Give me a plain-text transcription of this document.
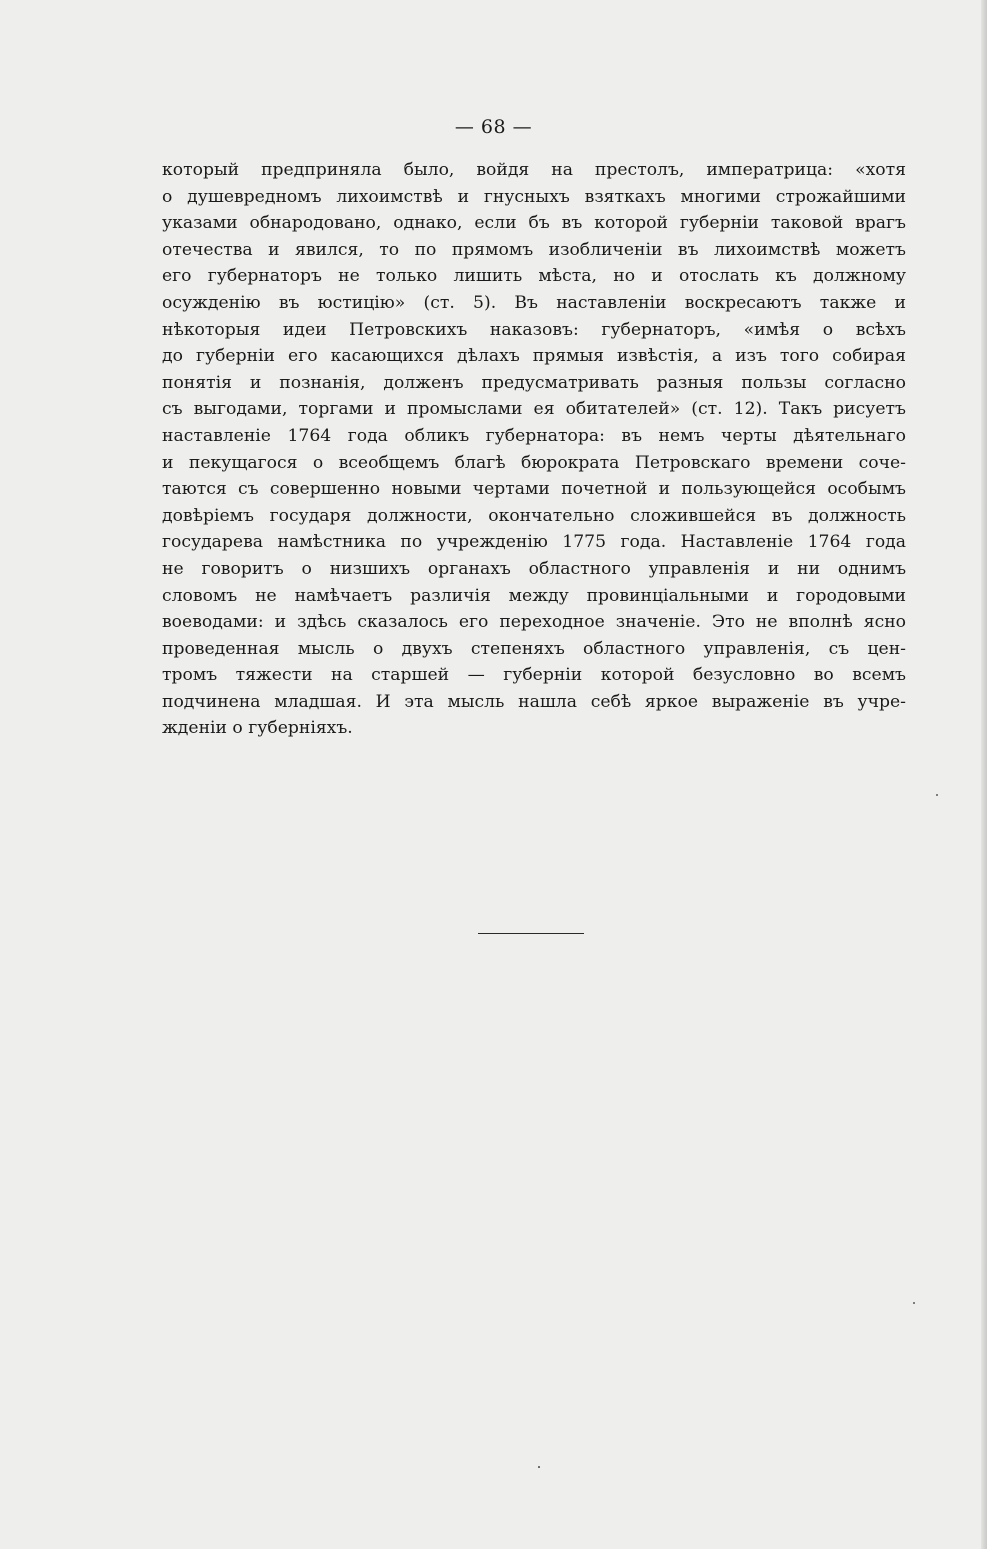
— 68 —
который предприняла было, войдя на престолъ, императрица: «хотя
о душевредномъ лихоимствѣ и гнусныхъ взяткахъ многими строжайшими
указами обнародовано, однако, если бъ въ которой губерніи таковой врагъ
отечества и явился, то по прямомъ изобличеніи въ лихоимствѣ можетъ
его губернаторъ не только лишить мѣста, но и отослать къ должному
осужденію въ юстицію» (ст. 5). Въ наставленіи воскресаютъ также и
нѣкоторыя идеи Петровскихъ наказовъ: губернаторъ, «имѣя о всѣхъ
до губерніи его касающихся дѣлахъ прямыя извѣстія, а изъ того собирая
понятія и познанія, долженъ предусматривать разныя пользы согласно
съ выгодами, торгами и промыслами ея обитателей» (ст. 12). Такъ рисуетъ
наставленіе 1764 года обликъ губернатора: въ немъ черты дѣятельнаго
и пекущагося о всеобщемъ благѣ бюрократа Петровскаго времени соче-
таются съ совершенно новыми чертами почетной и пользующейся особымъ
довѣріемъ государя должности, окончательно сложившейся въ должность
государева намѣстника по учрежденію 1775 года. Наставленіе 1764 года
не говоритъ о низшихъ органахъ областного управленія и ни однимъ
словомъ не намѣчаетъ различія между провинціальными и городовыми
воеводами: и здѣсь сказалось его переходное значеніе. Это не вполнѣ ясно
проведенная мысль о двухъ степеняхъ областного управленія, съ цен-
тромъ тяжести на старшей — губерніи которой безусловно во всемъ
подчинена младшая. И эта мысль нашла себѣ яркое выраженіе въ учре-
жденіи о губерніяхъ.
